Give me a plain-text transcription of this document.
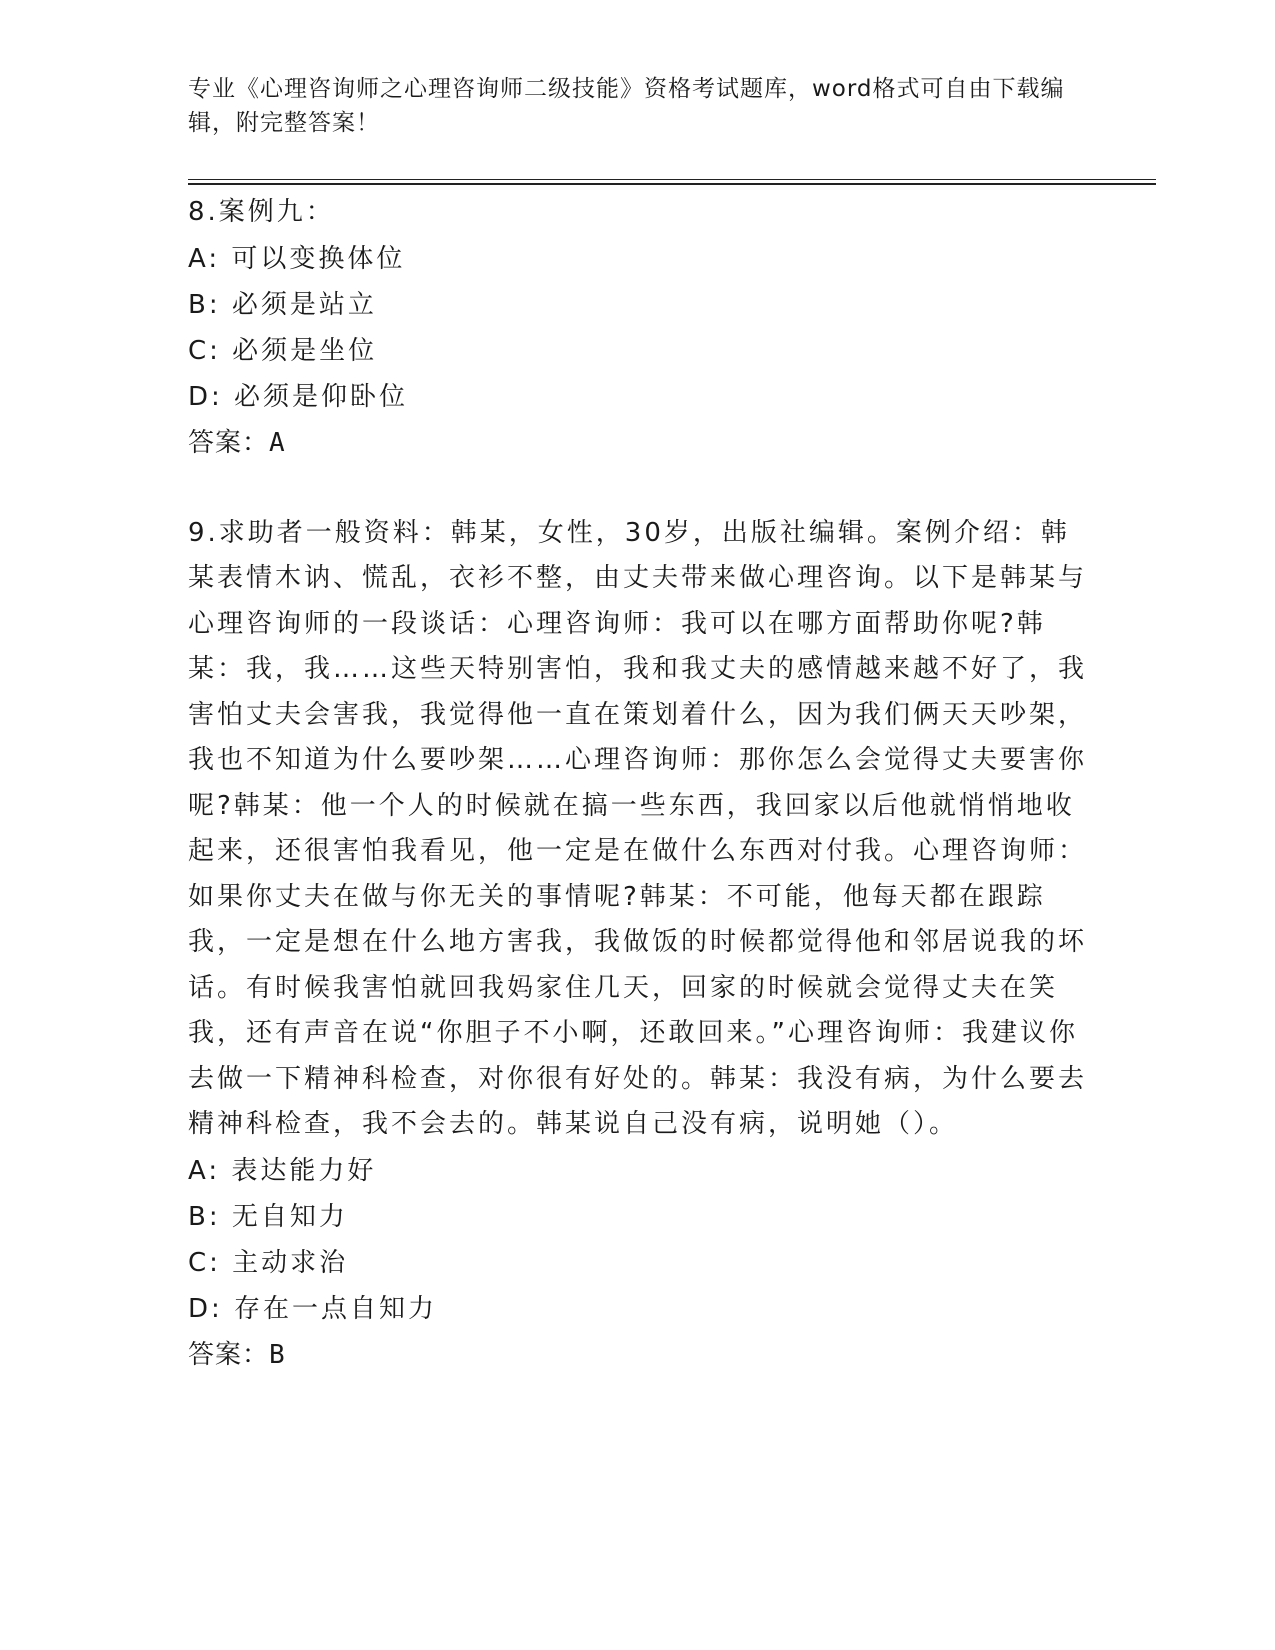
专业《心理咨询师之心理咨询师二级技能》资格考试题库，word格式可自由下载编辑，附完整答案！

8.案例九：

A: 可以变换体位

B: 必须是站立

C: 必须是坐位

D: 必须是仰卧位

答案：A

9.求助者一般资料：韩某，女性，30岁，出版社编辑。案例介绍：韩某表情木讷、慌乱，衣衫不整，由丈夫带来做心理咨询。以下是韩某与心理咨询师的一段谈话：心理咨询师：我可以在哪方面帮助你呢?韩某：我，我……这些天特别害怕，我和我丈夫的感情越来越不好了，我害怕丈夫会害我，我觉得他一直在策划着什么，因为我们俩天天吵架，我也不知道为什么要吵架……心理咨询师：那你怎么会觉得丈夫要害你呢?韩某：他一个人的时候就在搞一些东西，我回家以后他就悄悄地收起来，还很害怕我看见，他一定是在做什么东西对付我。心理咨询师：如果你丈夫在做与你无关的事情呢?韩某：不可能，他每天都在跟踪我，一定是想在什么地方害我，我做饭的时候都觉得他和邻居说我的坏话。有时候我害怕就回我妈家住几天，回家的时候就会觉得丈夫在笑我，还有声音在说“你胆子不小啊，还敢回来。”心理咨询师：我建议你去做一下精神科检查，对你很有好处的。韩某：我没有病，为什么要去精神科检查，我不会去的。韩某说自己没有病，说明她（）。

A: 表达能力好

B: 无自知力

C: 主动求治

D: 存在一点自知力

答案：B
